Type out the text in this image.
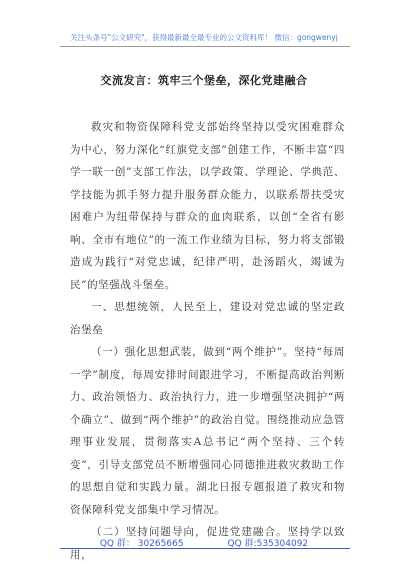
关注头条号"公文研究"，获得最新最全最专业的公文资料库！ 微信：gongwenyj
交流发言：筑牢三个堡垒，深化党建融合

救灾和物资保障科党支部始终坚持以受灾困难群众为中心，努力深化“红旗党支部”创建工作，不断丰富“四学一联一创”支部工作法，以学政策、学理论、学典范、学技能为抓手努力提升服务群众能力，以联系帮扶受灾困难户为纽带保持与群众的血肉联系，以创“全省有影响、全市有地位”的一流工作业绩为目标，努力将支部锻造成为践行“对党忠诚，纪律严明，赴汤蹈火，竭诚为民”的坚强战斗堡垒。

一、思想统领，人民至上，建设对党忠诚的坚定政治堡垒

（一）强化思想武装，做到“两个维护”。坚持“每周一学”制度，每周安排时间跟进学习，不断提高政治判断力、政治领悟力、政治执行力，进一步增强坚决拥护“两个确立”、做到“两个维护”的政治自觉。围绕推动应急管理事业发展，贯彻落实A总书记“两个坚持、三个转变”，引导支部党员不断增强同心同德推进救灾救助工作的思想自觉和实践力量。湖北日报专题报道了救灾和物资保障科党支部集中学习情况。

（二）坚持问题导向，促进党建融合。坚持学以致用，

QQ 群： 30265665	QQ 群:535304092
